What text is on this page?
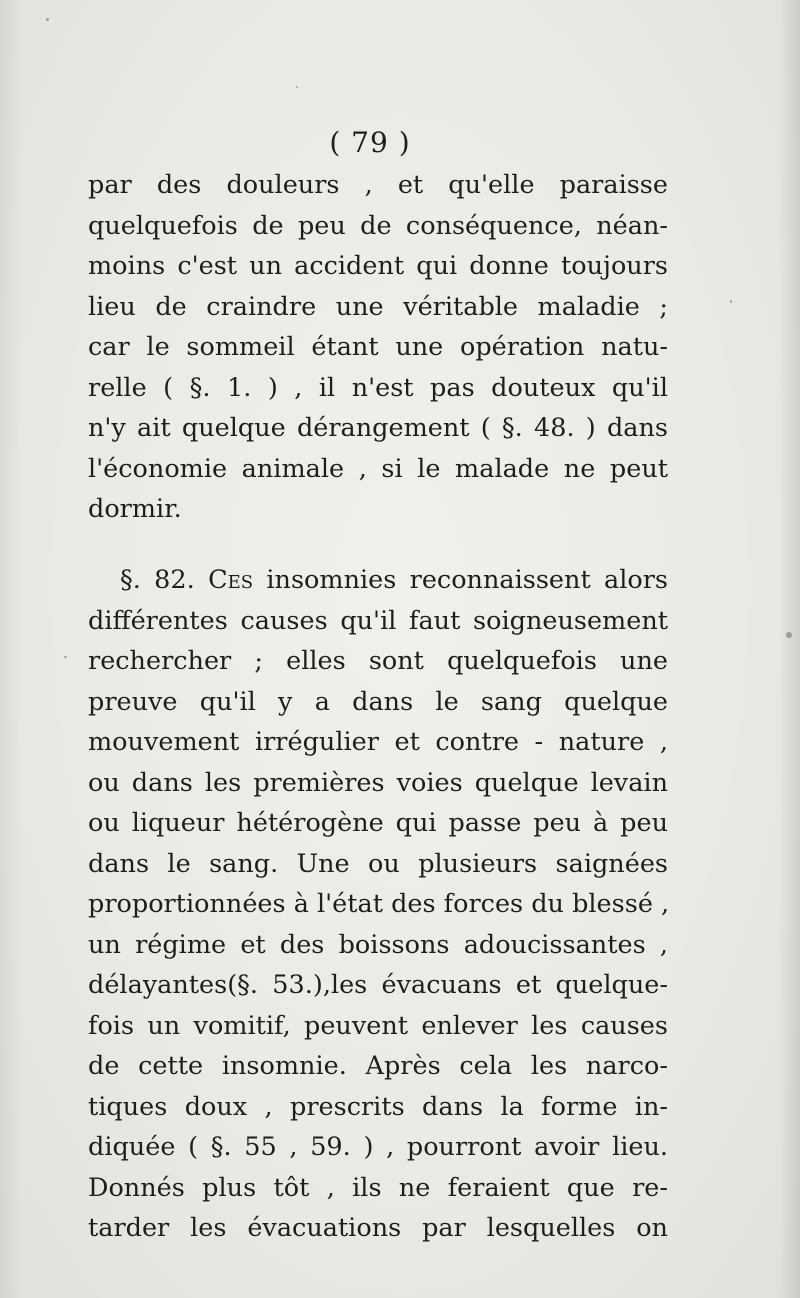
( 79 )
par des douleurs , et qu'elle paraisse
quelquefois de peu de conséquence, néan-
moins c'est un accident qui donne toujours
lieu de craindre une véritable maladie ;
car le sommeil étant une opération natu-
relle ( §. 1. ) , il n'est pas douteux qu'il
n'y ait quelque dérangement ( §. 48. ) dans
l'économie animale , si le malade ne peut
dormir.
§. 82. Ces insomnies reconnaissent alors
différentes causes qu'il faut soigneusement
rechercher ; elles sont quelquefois une
preuve qu'il y a dans le sang quelque
mouvement irrégulier et contre - nature ,
ou dans les premières voies quelque levain
ou liqueur hétérogène qui passe peu à peu
dans le sang. Une ou plusieurs saignées
proportionnées à l'état des forces du blessé ,
un régime et des boissons adoucissantes ,
délayantes(§. 53.),les évacuans et quelque-
fois un vomitif, peuvent enlever les causes
de cette insomnie. Après cela les narco-
tiques doux , prescrits dans la forme in-
diquée ( §. 55 , 59. ) , pourront avoir lieu.
Donnés plus tôt , ils ne feraient que re-
tarder les évacuations par lesquelles on
